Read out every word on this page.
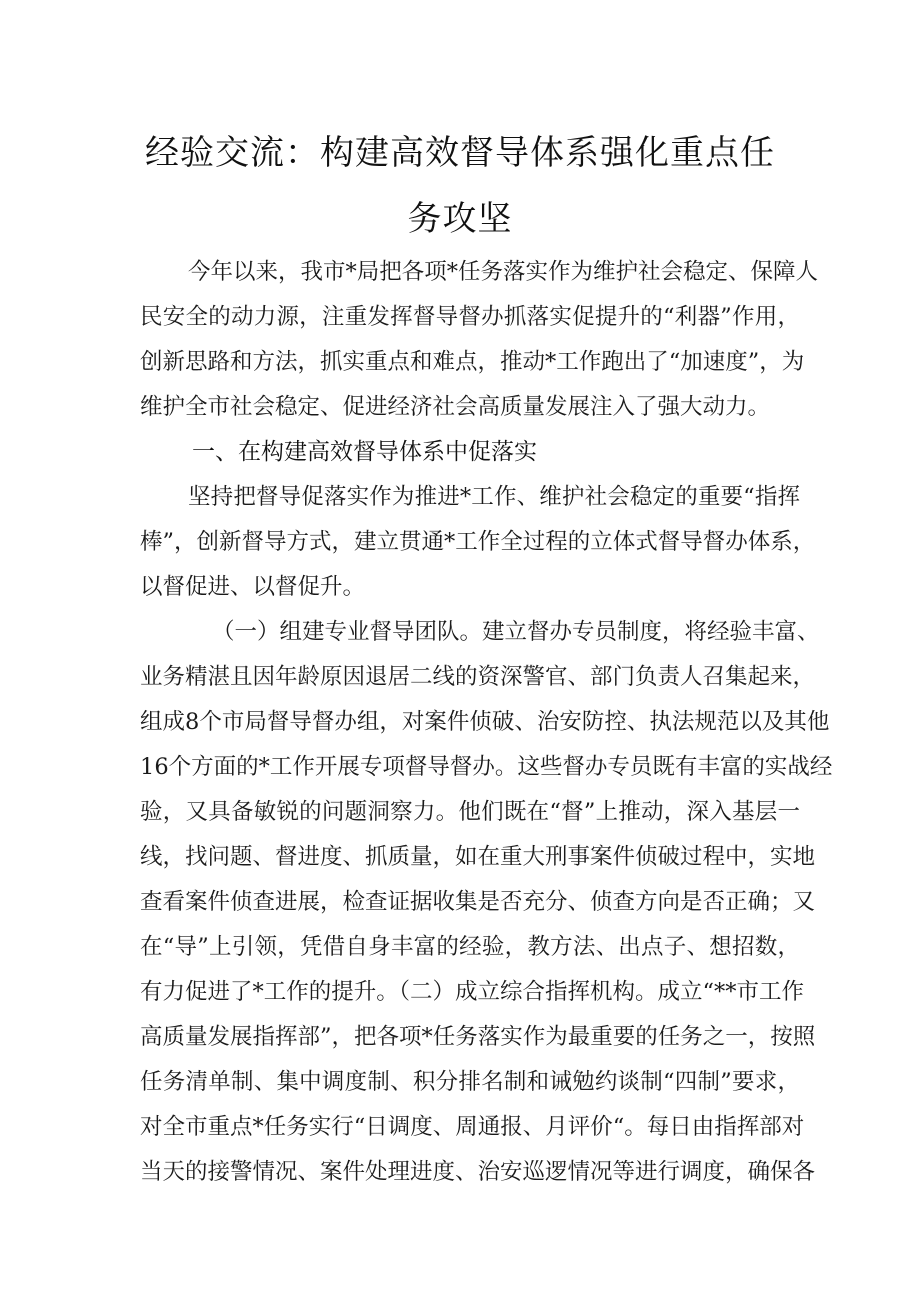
经验交流：构建高效督导体系强化重点任
务攻坚
今年以来，我市*局把各项*任务落实作为维护社会稳定、保障人
民安全的动力源，注重发挥督导督办抓落实促提升的“利器”作用，
创新思路和方法，抓实重点和难点，推动*工作跑出了“加速度”，为
维护全市社会稳定、促进经济社会高质量发展注入了强大动力。
一、在构建高效督导体系中促落实
坚持把督导促落实作为推进*工作、维护社会稳定的重要“指挥
棒”，创新督导方式，建立贯通*工作全过程的立体式督导督办体系，
以督促进、以督促升。
（一）组建专业督导团队。建立督办专员制度，将经验丰富、
业务精湛且因年龄原因退居二线的资深警官、部门负责人召集起来，
组成8个市局督导督办组，对案件侦破、治安防控、执法规范以及其他
16个方面的*工作开展专项督导督办。这些督办专员既有丰富的实战经
验，又具备敏锐的问题洞察力。他们既在“督”上推动，深入基层一
线，找问题、督进度、抓质量，如在重大刑事案件侦破过程中，实地
查看案件侦查进展，检查证据收集是否充分、侦查方向是否正确；又
在“导”上引领，凭借自身丰富的经验，教方法、出点子、想招数，
有力促进了*工作的提升。（二）成立综合指挥机构。成立“**市工作
高质量发展指挥部”，把各项*任务落实作为最重要的任务之一，按照
任务清单制、集中调度制、积分排名制和诫勉约谈制“四制”要求，
对全市重点*任务实行“日调度、周通报、月评价“。每日由指挥部对
当天的接警情况、案件处理进度、治安巡逻情况等进行调度，确保各
